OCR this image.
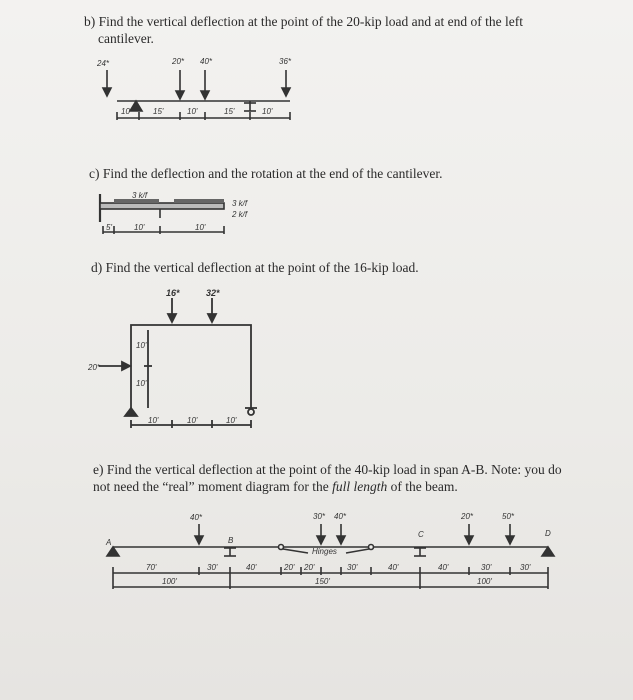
b) Find the vertical deflection at the point of the 20-kip load and at end of the left
cantilever.
24*	20* 40*	36*
10'	15'	10'	15'	10'
c) Find the deflection and the rotation at the end of the cantilever.
3 k/f
3 k/f
2 k/f
5'	10'	10'
d) Find the vertical deflection at the point of the 16-kip load.
16*	32*
20*
10'
10'
10'	10'	10'
e) Find the vertical deflection at the point of the 40-kip load in span A-B. Note: you do
not need the “real” moment diagram for the full length of the beam.
40*	30* 40*	20*	50*
A	B
C	D
Hinges
70'	30'	40'	20' 20'	30'	40'	40'	30'	30'
100'	150'	100'
